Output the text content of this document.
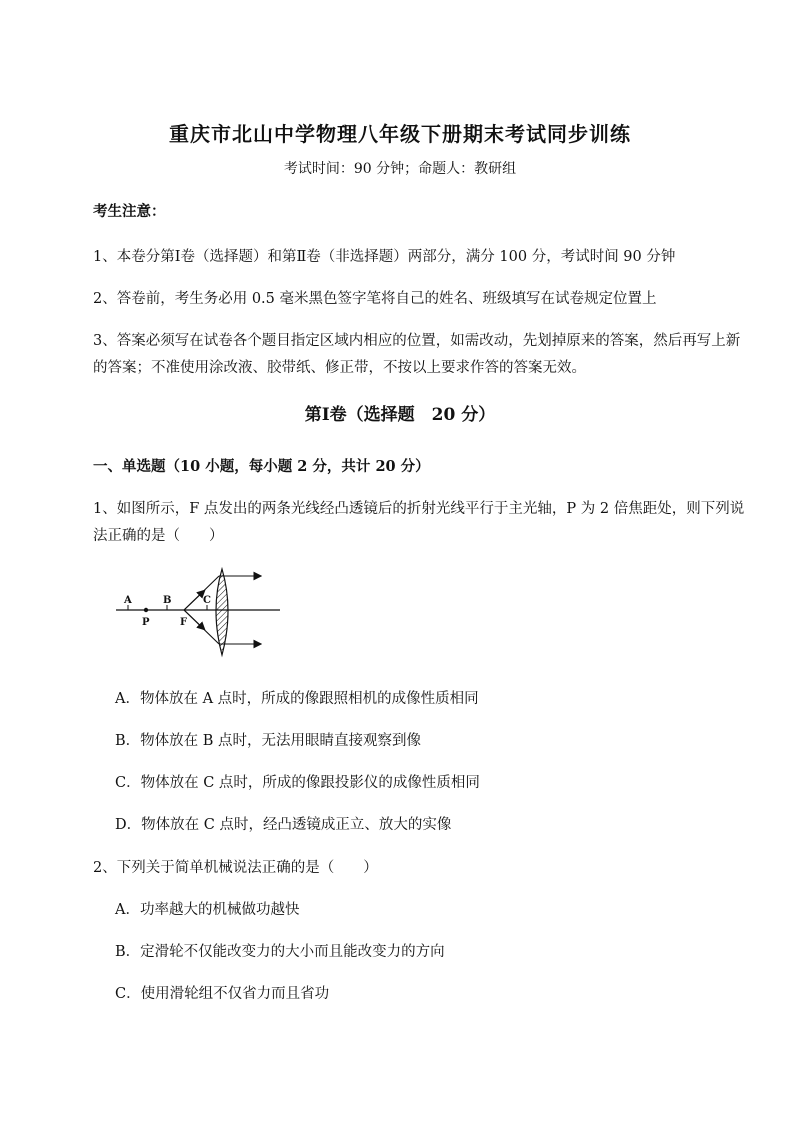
重庆市北山中学物理八年级下册期末考试同步训练
考试时间：90 分钟；命题人：教研组
考生注意：
1、本卷分第Ⅰ卷（选择题）和第Ⅱ卷（非选择题）两部分，满分 100 分，考试时间 90 分钟
2、答卷前，考生务必用 0.5 毫米黑色签字笔将自己的姓名、班级填写在试卷规定位置上
3、答案必须写在试卷各个题目指定区域内相应的位置，如需改动，先划掉原来的答案，然后再写上新
的答案；不准使用涂改液、胶带纸、修正带，不按以上要求作答的答案无效。
第Ⅰ卷（选择题　20 分）
一、单选题（10 小题，每小题 2 分，共计 20 分）
1、如图所示，F 点发出的两条光线经凸透镜后的折射光线平行于主光轴，P 为 2 倍焦距处，则下列说
法正确的是（　　）
A	B	C
P	F
A．物体放在 A 点时，所成的像跟照相机的成像性质相同
B．物体放在 B 点时，无法用眼睛直接观察到像
C．物体放在 C 点时，所成的像跟投影仪的成像性质相同
D．物体放在 C 点时，经凸透镜成正立、放大的实像
2、下列关于简单机械说法正确的是（　　）
A．功率越大的机械做功越快
B．定滑轮不仅能改变力的大小而且能改变力的方向
C．使用滑轮组不仅省力而且省功
